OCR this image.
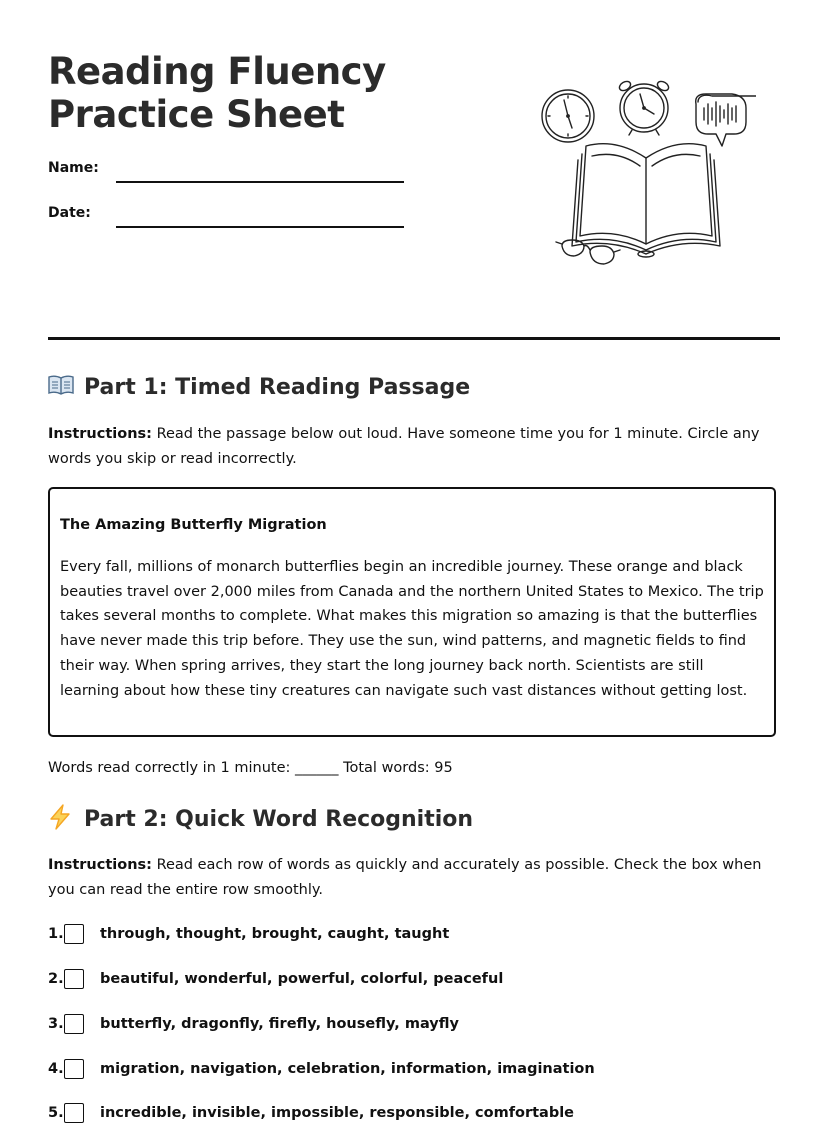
Reading Fluency
Practice Sheet
Name:
Date:
Part 1: Timed Reading Passage

Instructions: Read the passage below out loud. Have someone time you for 1 minute. Circle any words you skip or read incorrectly.

The Amazing Butterfly Migration

Every fall, millions of monarch butterflies begin an incredible journey. These orange and black beauties travel over 2,000 miles from Canada and the northern United States to Mexico. The trip takes several months to complete. What makes this migration so amazing is that the butterflies have never made this trip before. They use the sun, wind patterns, and magnetic fields to find their way. When spring arrives, they start the long journey back north. Scientists are still learning about how these tiny creatures can navigate such vast distances without getting lost.

Words read correctly in 1 minute: ______ Total words: 95
Part 2: Quick Word Recognition

Instructions: Read each row of words as quickly and accurately as possible. Check the box when you can read the entire row smoothly.

1.	through, thought, brought, caught, taught
2.	beautiful, wonderful, powerful, colorful, peaceful
3.	butterfly, dragonfly, firefly, housefly, mayfly
4.	migration, navigation, celebration, information, imagination
5.	incredible, invisible, impossible, responsible, comfortable
